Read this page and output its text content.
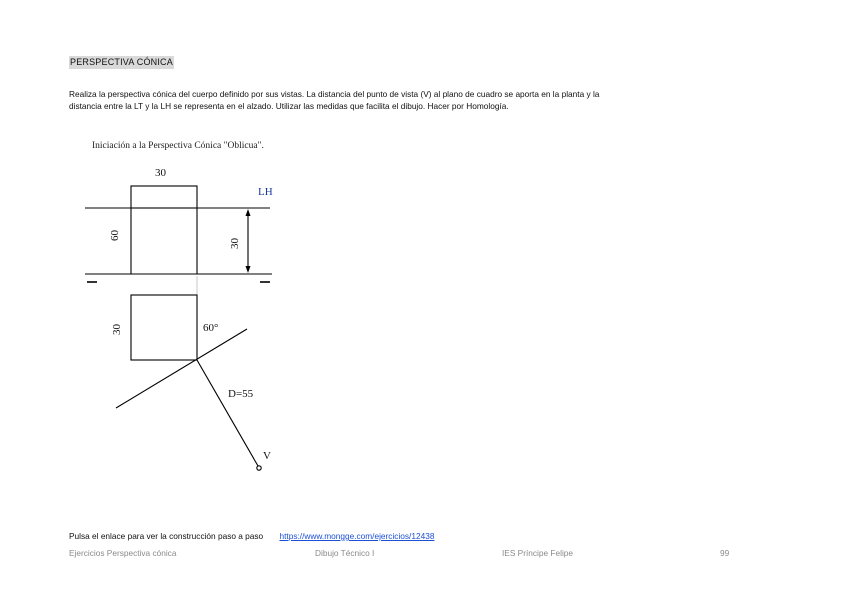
PERSPECTIVA CÓNICA
Realiza la perspectiva cónica del cuerpo definido por sus vistas. La distancia del punto de vista (V) al plano de cuadro se aporta en la planta y la
distancia entre la LT y la LH se representa en el alzado. Utilizar las medidas que facilita el dibujo. Hacer por Homología.
Iniciación a la Perspectiva Cónica "Oblicua".
30
LH
60
30
30	60°
D=55
V
Pulsa el enlace para ver la construcción paso a paso https://www.mongge.com/ejercicios/12438
Ejercicios Perspectiva cónica	Dibujo Técnico I	IES Príncipe Felipe	99
